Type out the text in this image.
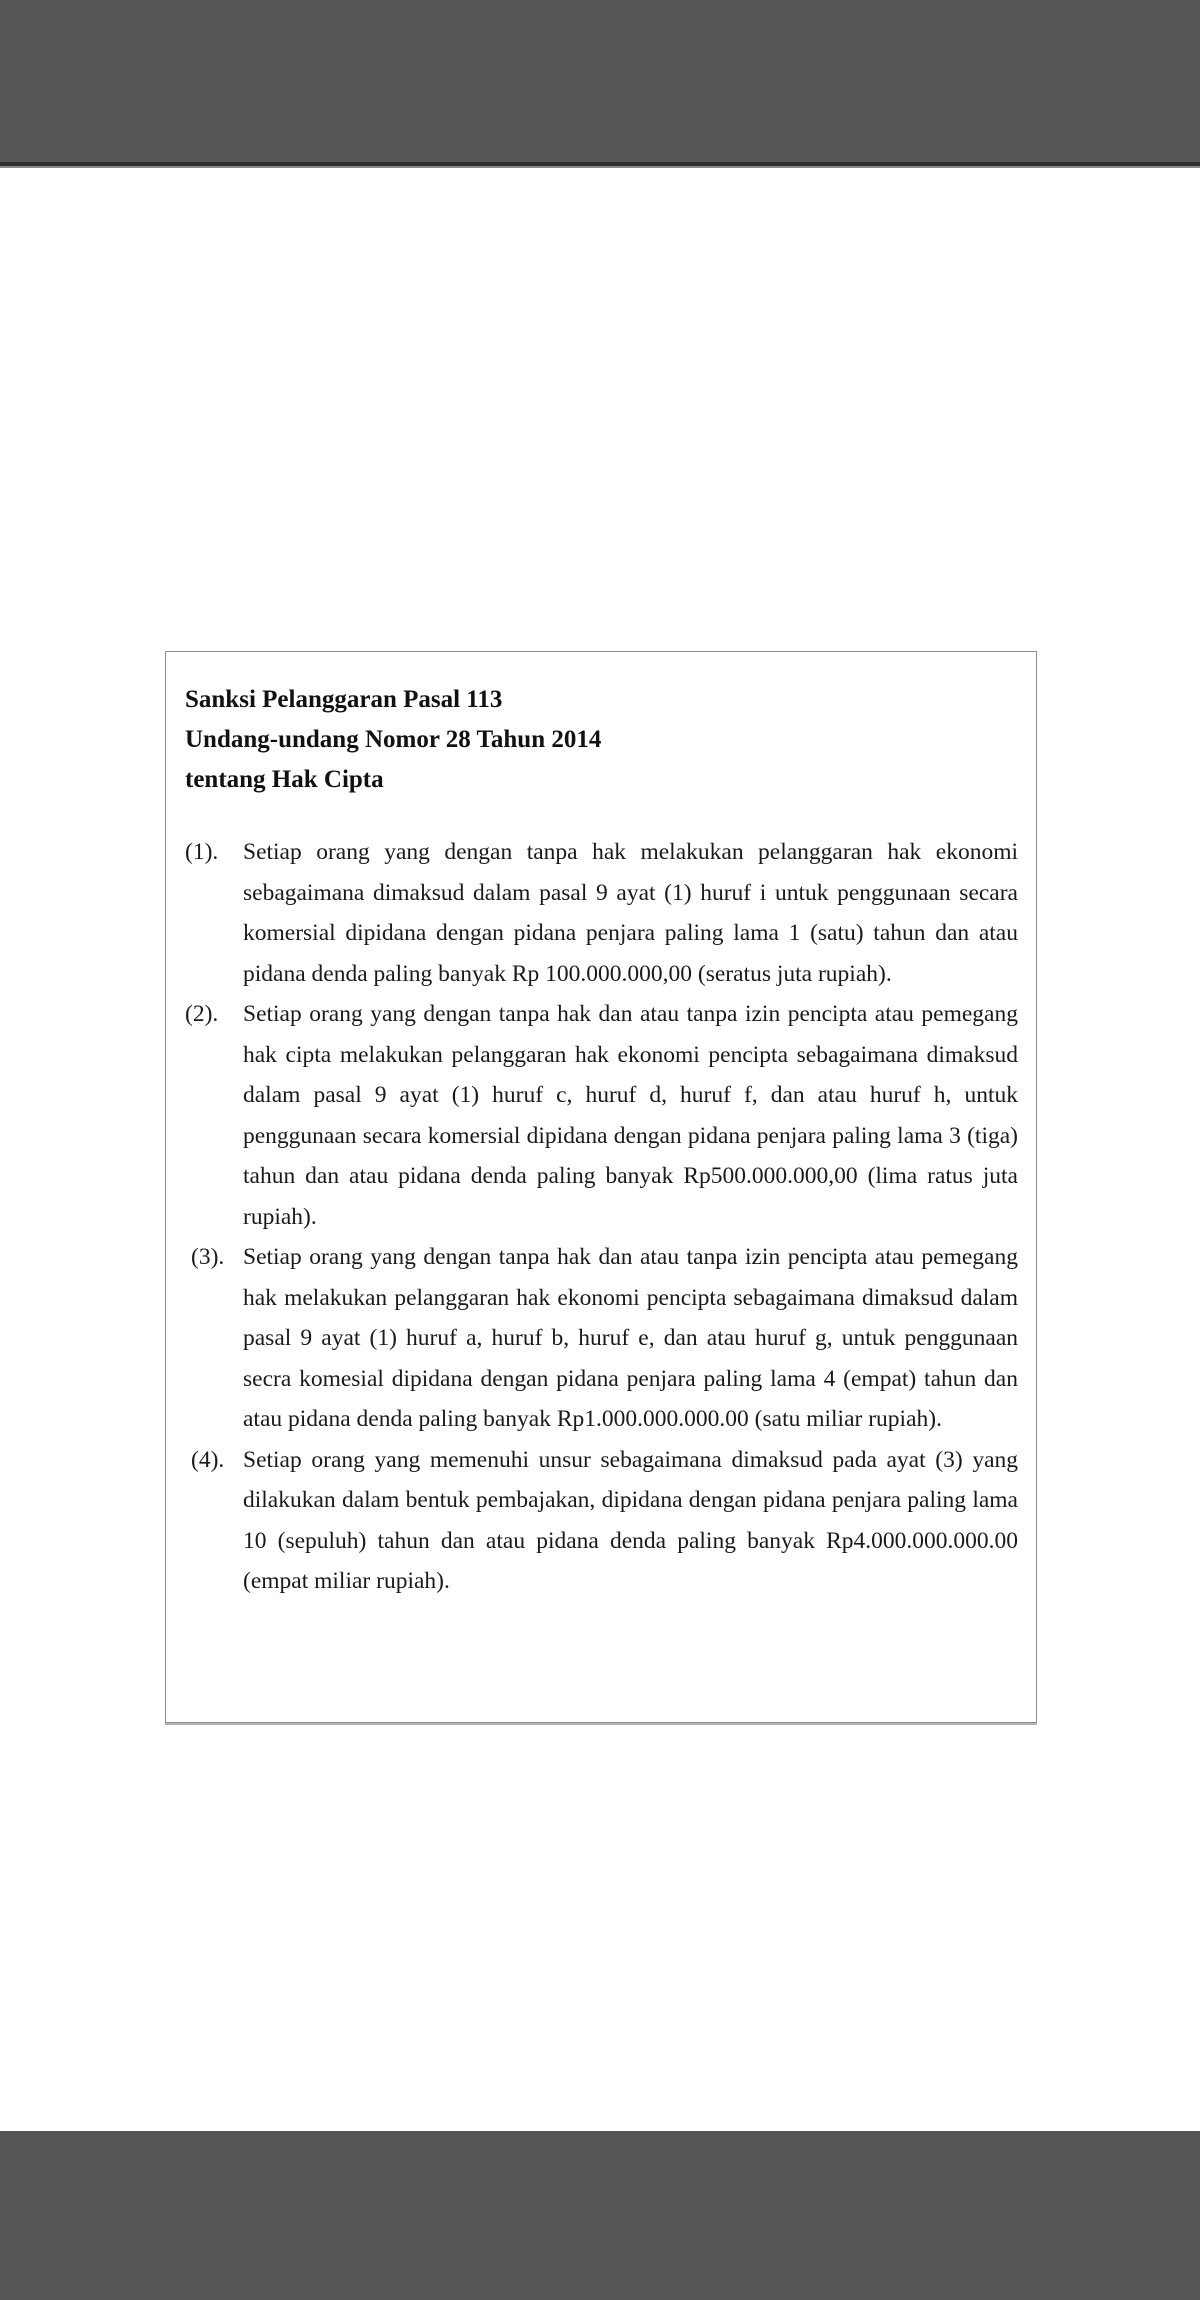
Sanksi Pelanggaran Pasal 113

Undang-undang Nomor 28 Tahun 2014

tentang Hak Cipta

(1). Setiap orang yang dengan tanpa hak melakukan pelanggaran hak ekonomi sebagaimana dimaksud dalam pasal 9 ayat (1) huruf i untuk penggunaan secara komersial dipidana dengan pidana penjara paling lama 1 (satu) tahun dan atau pidana denda paling banyak Rp 100.000.000,00 (seratus juta rupiah).

(2). Setiap orang yang dengan tanpa hak dan atau tanpa izin pencipta atau pemegang hak cipta melakukan pelanggaran hak ekonomi pencipta sebagaimana dimaksud dalam pasal 9 ayat (1) huruf c, huruf d, huruf f, dan atau huruf h, untuk penggunaan secara komersial dipidana dengan pidana penjara paling lama 3 (tiga) tahun dan atau pidana denda paling banyak Rp500.000.000,00 (lima ratus juta rupiah).

(3). Setiap orang yang dengan tanpa hak dan atau tanpa izin pencipta atau pemegang hak melakukan pelanggaran hak ekonomi pencipta sebagaimana dimaksud dalam pasal 9 ayat (1) huruf a, huruf b, huruf e, dan atau huruf g, untuk penggunaan secra komesial dipidana dengan pidana penjara paling lama 4 (empat) tahun dan atau pidana denda paling banyak Rp1.000.000.000.00 (satu miliar rupiah).

(4). Setiap orang yang memenuhi unsur sebagaimana dimaksud pada ayat (3) yang dilakukan dalam bentuk pembajakan, dipidana dengan pidana penjara paling lama 10 (sepuluh) tahun dan atau pidana denda paling banyak Rp4.000.000.000.00 (empat miliar rupiah).
